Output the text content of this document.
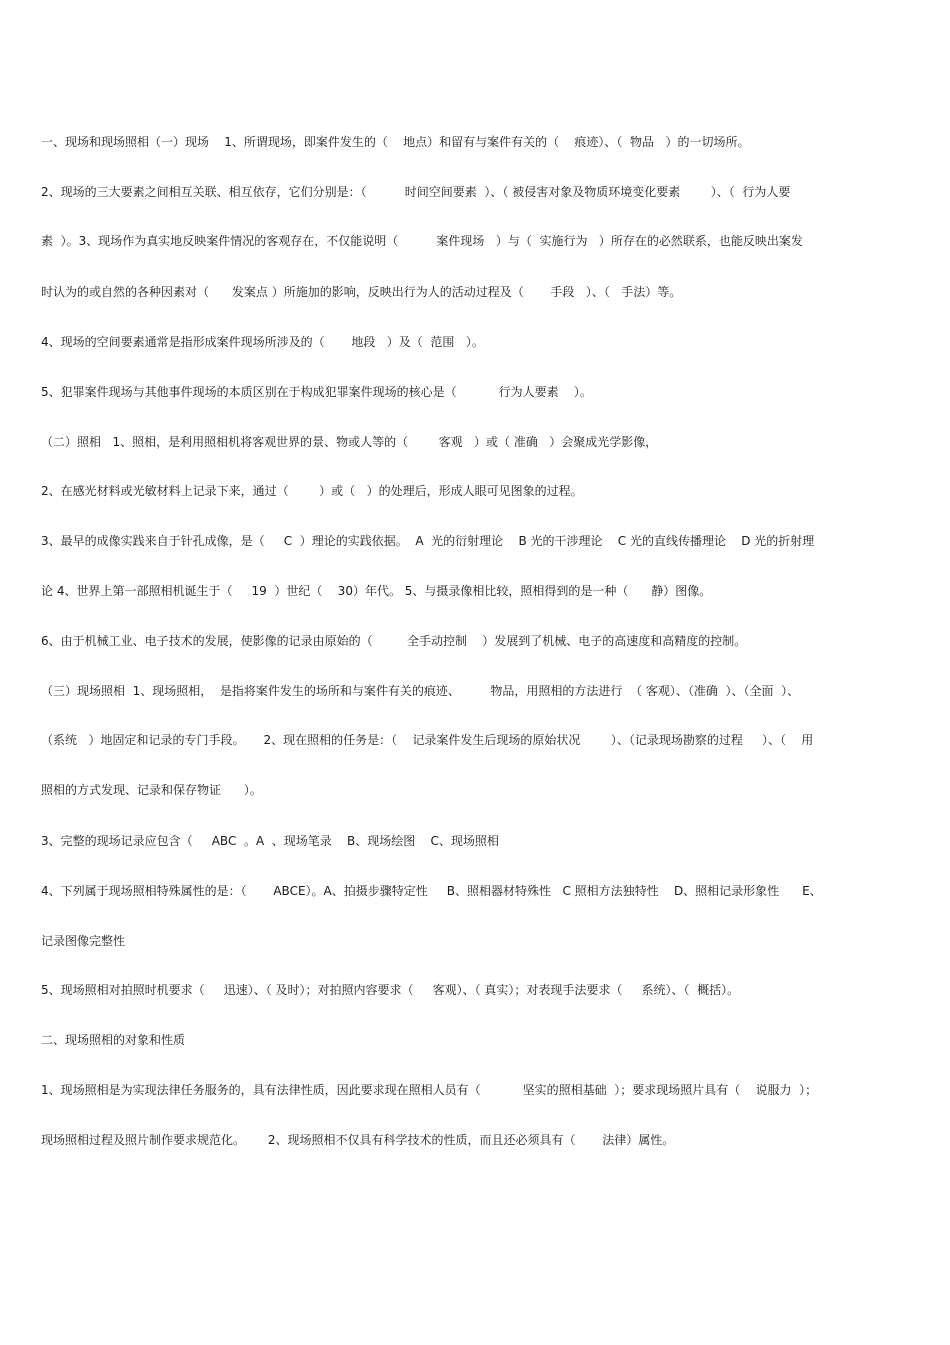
一、现场和现场照相（一）现场    1、所谓现场，即案件发生的（    地点）和留有与案件有关的（    痕迹）、（  物品   ）的一切场所。
2、现场的三大要素之间相互关联、相互依存，它们分别是：（          时间空间要素  ）、（ 被侵害对象及物质环境变化要素        ）、（  行为人要
素  ）。3、现场作为真实地反映案件情况的客观存在，不仅能说明（          案件现场   ）与（  实施行为   ）所存在的必然联系，也能反映出案发
时认为的或自然的各种因素对（      发案点 ）所施加的影响，反映出行为人的活动过程及（       手段   ）、（   手法）等。
4、现场的空间要素通常是指形成案件现场所涉及的（       地段   ）及（  范围   ）。
5、犯罪案件现场与其他事件现场的本质区别在于构成犯罪案件现场的核心是（           行为人要素    ）。
（二）照相   1、照相，是利用照相机将客观世界的景、物或人等的（        客观   ）或（ 准确   ）会聚成光学影像，
2、在感光材料或光敏材料上记录下来，通过（        ）或（   ）的处理后，形成人眼可见图象的过程。
3、最早的成像实践来自于针孔成像，是（     C  ）理论的实践依据。  A  光的衍射理论    B 光的干涉理论    C 光的直线传播理论    D 光的折射理
论 4、世界上第一部照相机诞生于（     19  ）世纪（    30）年代。 5、与摄录像相比较，照相得到的是一种（      静）图像。
6、由于机械工业、电子技术的发展，使影像的记录由原始的（         全手动控制    ）发展到了机械、电子的高速度和高精度的控制。
（三）现场照相  1、现场照相，  是指将案件发生的场所和与案件有关的痕迹、        物品，用照相的方法进行  （ 客观）、（准确  ）、（全面  ）、
（系统   ）地固定和记录的专门手段。     2、现在照相的任务是：（    记录案件发生后现场的原始状况        ）、（记录现场勘察的过程     ）、（    用
照相的方式发现、记录和保存物证      ）。
3、完整的现场记录应包含（     ABC  。A  、现场笔录    B、现场绘图    C、现场照相
4、下列属于现场照相特殊属性的是：（       ABCE）。A、拍摄步骤特定性     B、照相器材特殊性   C 照相方法独特性    D、照相记录形象性      E、
记录图像完整性
5、现场照相对拍照时机要求（     迅速）、（ 及时）；对拍照内容要求（     客观）、（ 真实）；对表现手法要求（     系统）、（  概括）。
二、现场照相的对象和性质
1、现场照相是为实现法律任务服务的，具有法律性质，因此要求现在照相人员有（           坚实的照相基础  ）；要求现场照片具有（    说服力  ）；
现场照相过程及照片制作要求规范化。      2、现场照相不仅具有科学技术的性质，而且还必须具有（       法律）属性。
